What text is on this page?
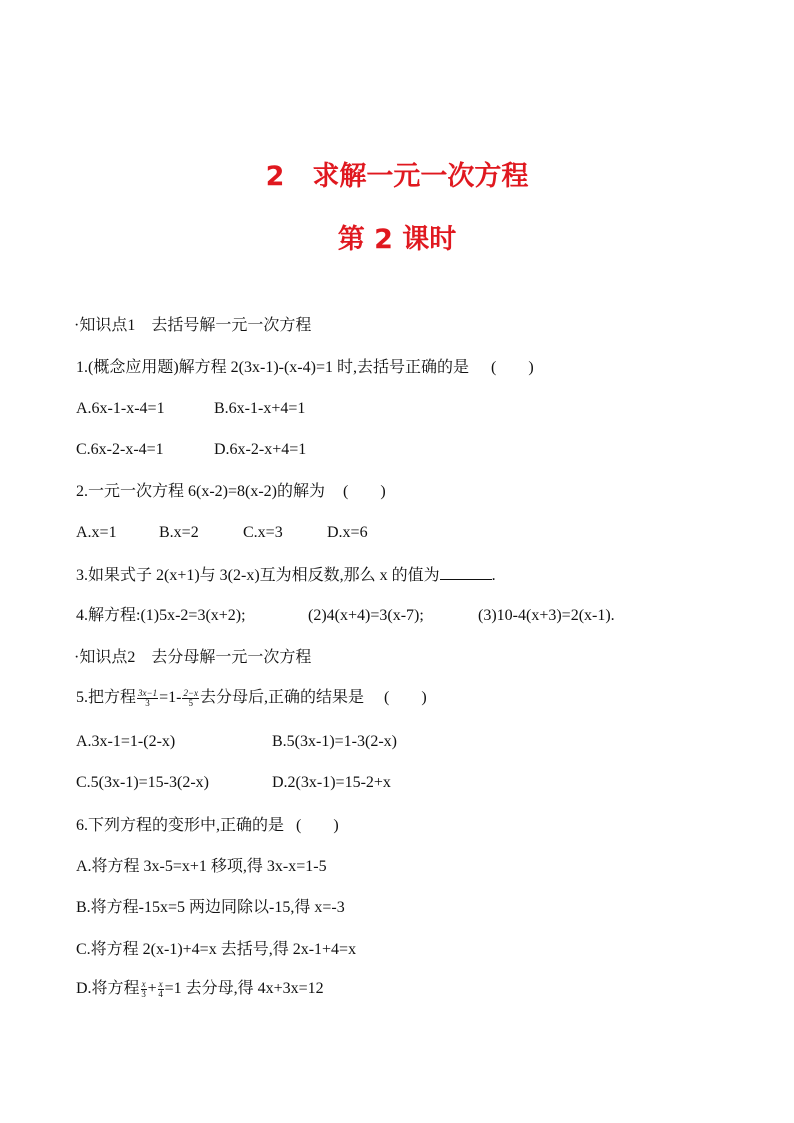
2 求解一元一次方程
第 2 课时
·知识点1　去括号解一元一次方程
1.(概念应用题)解方程 2(3x-1)-(x-4)=1 时,去括号正确的是 (　　)
A.6x-1-x-4=1	B.6x-1-x+4=1
C.6x-2-x-4=1	D.6x-2-x+4=1
2.一元一次方程 6(x-2)=8(x-2)的解为 (　　)
A.x=1	B.x=2	C.x=3	D.x=6
3.如果式子 2(x+1)与 3(2-x)互为相反数,那么 x 的值为	.
4.解方程:(1)5x-2=3(x+2);	(2)4(x+4)=3(x-7);	(3)10-4(x+3)=2(x-1).
·知识点2　去分母解一元一次方程
5.把方程 $\frac{3x-1}{3} =1- \frac{2-x}{5}$ 去分母后,正确的结果是 (　　)
A.3x-1=1-(2-x)	B.5(3x-1)=1-3(2-x)
C.5(3x-1)=15-3(2-x)	D.2(3x-1)=15-2+x
6.下列方程的变形中,正确的是 (　　)
A.将方程 3x-5=x+1 移项,得 3x-x=1-5
B.将方程-15x=5 两边同除以-15,得 x=-3
C.将方程 2(x-1)+4=x 去括号,得 2x-1+4=x
D.将方程 $\frac{x}{3} + \frac{x}{4} =1$ 去分母,得 4x+3x=12
